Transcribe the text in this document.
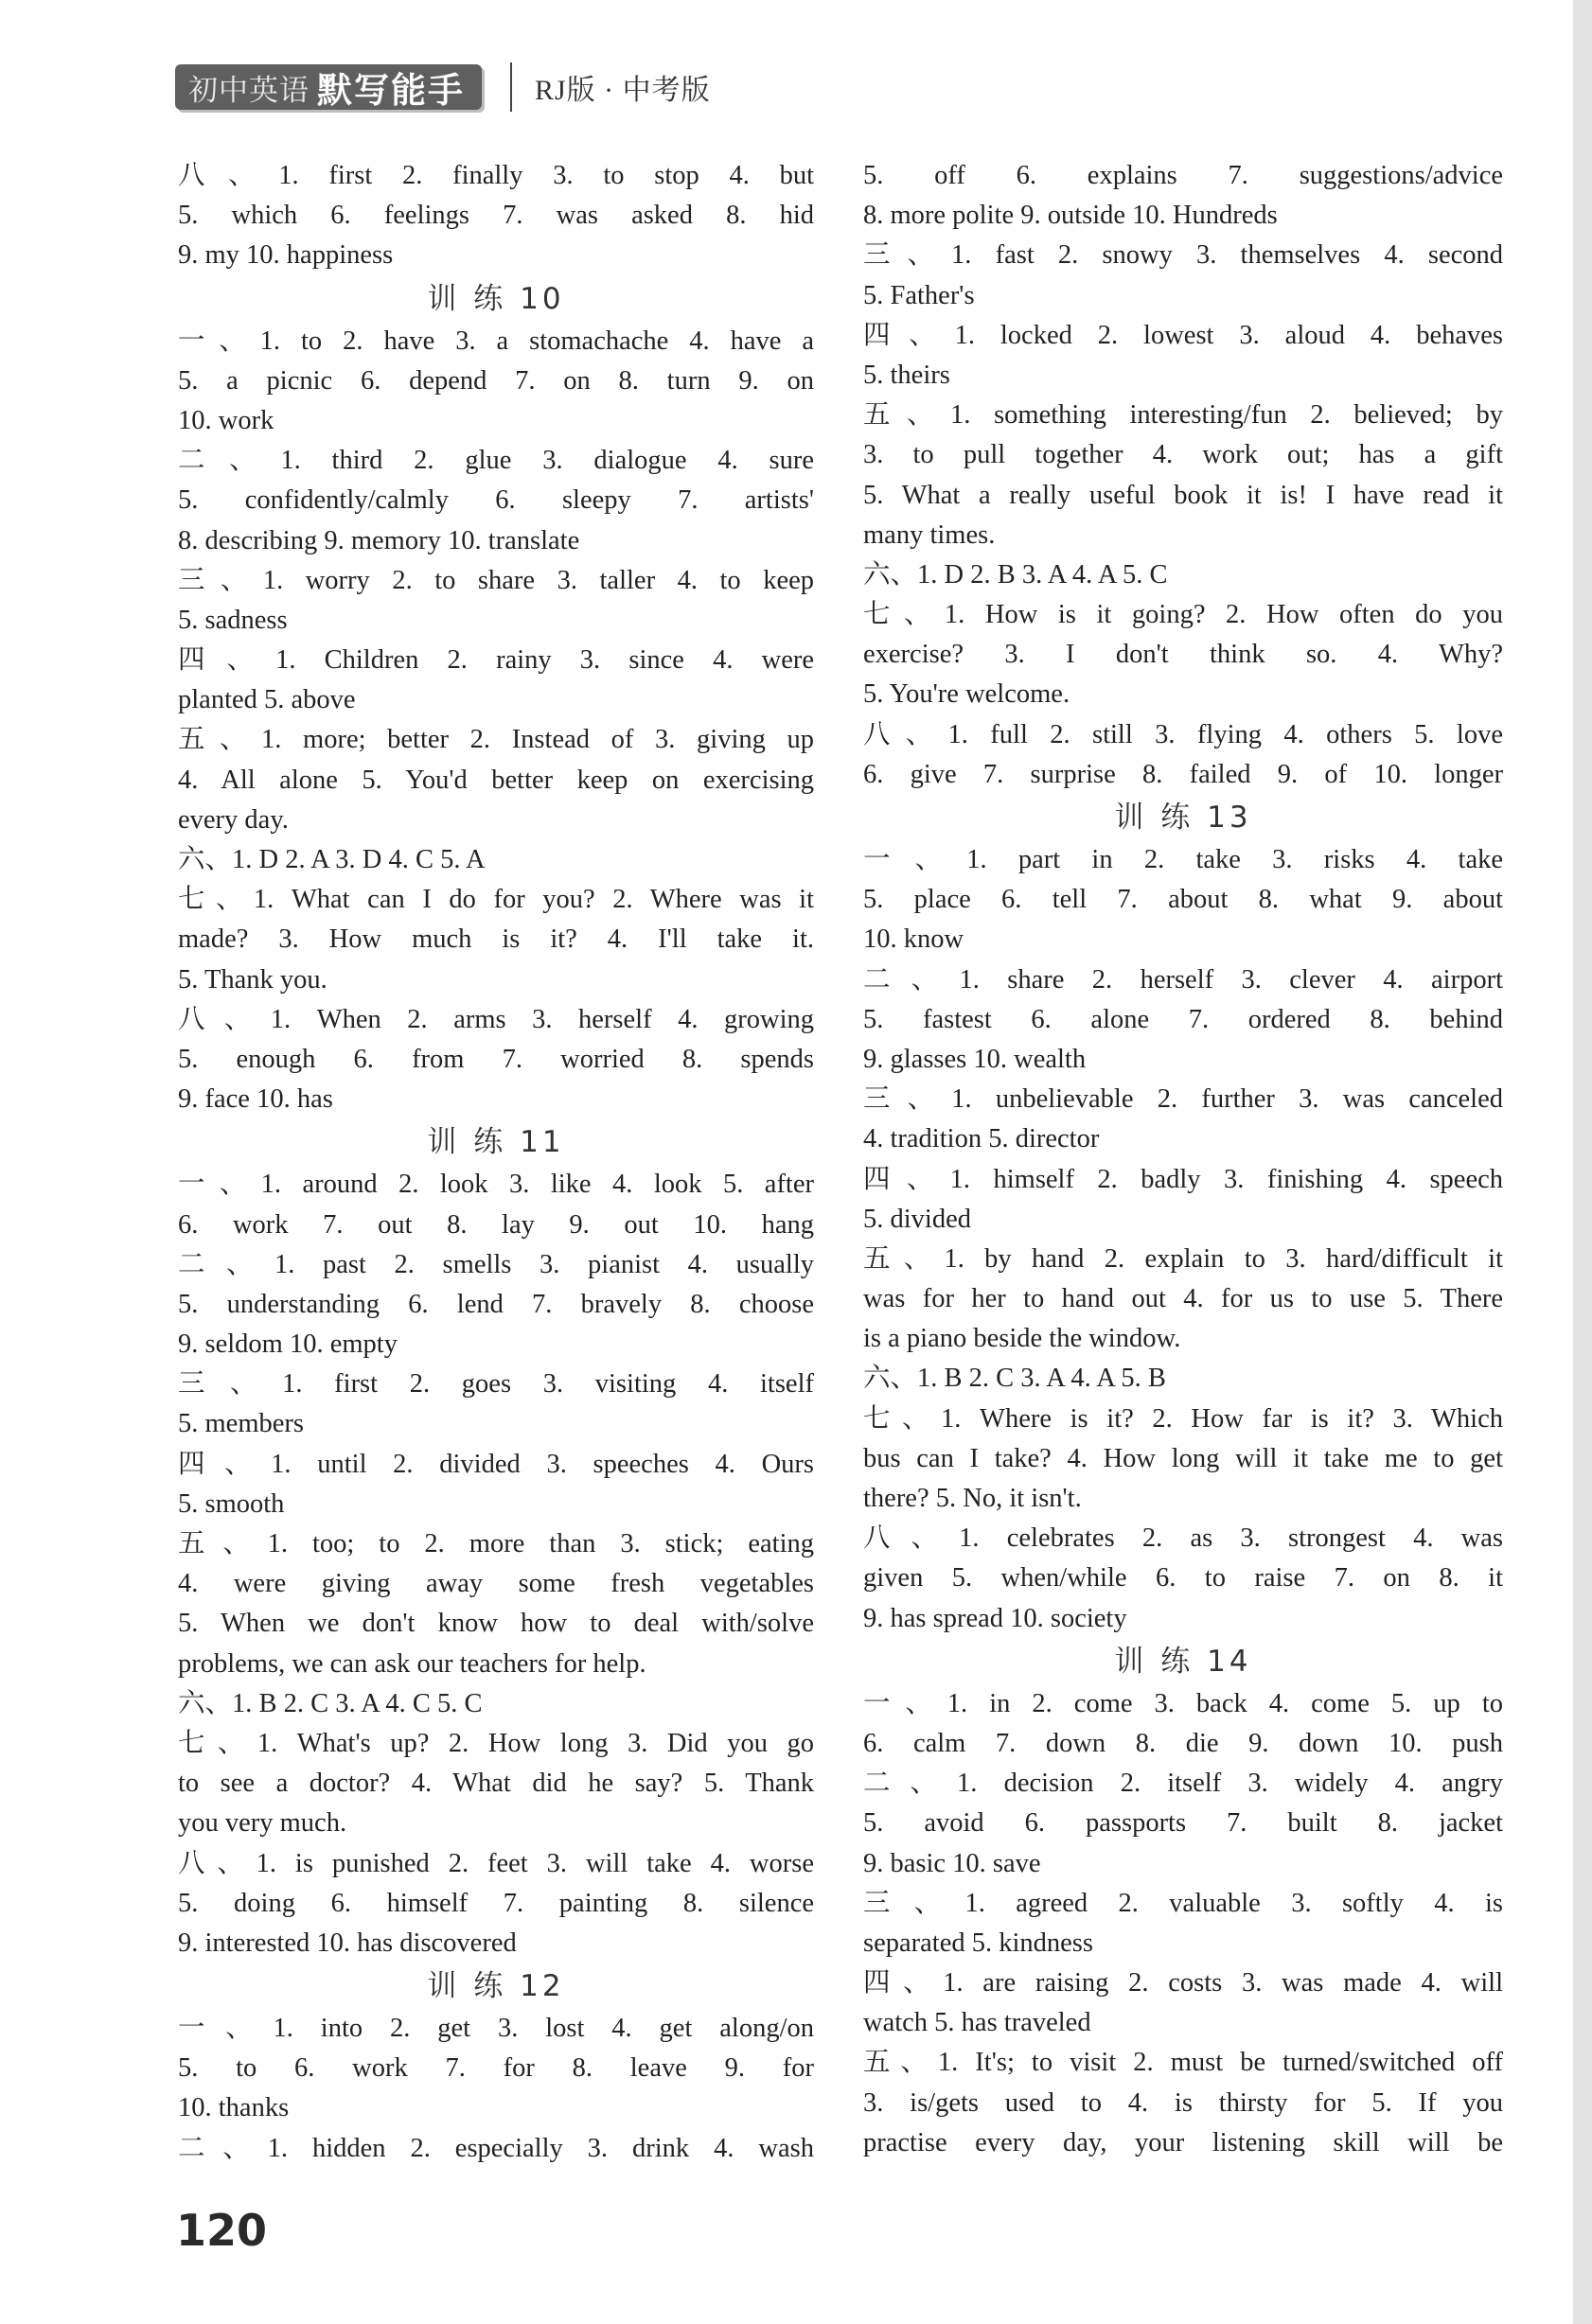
初中英语 默写能手 RJ版 · 中考版
八、1. first 2. finally 3. to stop 4. but
5. which 6. feelings 7. was asked 8. hid
9. my 10. happiness
训 练 10
一、1. to 2. have 3. a stomachache 4. have a
5. a picnic 6. depend 7. on 8. turn 9. on
10. work
二、1. third 2. glue 3. dialogue 4. sure
5. confidently/calmly 6. sleepy 7. artists'
8. describing 9. memory 10. translate
三、1. worry 2. to share 3. taller 4. to keep
5. sadness
四、1. Children 2. rainy 3. since 4. were
planted 5. above
五、1. more; better 2. Instead of 3. giving up
4. All alone 5. You'd better keep on exercising
every day.
六、1. D 2. A 3. D 4. C 5. A
七、1. What can I do for you? 2. Where was it
made? 3. How much is it? 4. I'll take it.
5. Thank you.
八、1. When 2. arms 3. herself 4. growing
5. enough 6. from 7. worried 8. spends
9. face 10. has
训 练 11
一、1. around 2. look 3. like 4. look 5. after
6. work 7. out 8. lay 9. out 10. hang
二、1. past 2. smells 3. pianist 4. usually
5. understanding 6. lend 7. bravely 8. choose
9. seldom 10. empty
三、1. first 2. goes 3. visiting 4. itself
5. members
四、1. until 2. divided 3. speeches 4. Ours
5. smooth
五、1. too; to 2. more than 3. stick; eating
4. were giving away some fresh vegetables
5. When we don't know how to deal with/solve
problems, we can ask our teachers for help.
六、1. B 2. C 3. A 4. C 5. C
七、1. What's up? 2. How long 3. Did you go
to see a doctor? 4. What did he say? 5. Thank
you very much.
八、1. is punished 2. feet 3. will take 4. worse
5. doing 6. himself 7. painting 8. silence
9. interested 10. has discovered
训 练 12
一、1. into 2. get 3. lost 4. get along/on
5. to 6. work 7. for 8. leave 9. for
10. thanks
二、1. hidden 2. especially 3. drink 4. wash
5. off 6. explains 7. suggestions/advice
8. more polite 9. outside 10. Hundreds
三、1. fast 2. snowy 3. themselves 4. second
5. Father's
四、1. locked 2. lowest 3. aloud 4. behaves
5. theirs
五、1. something interesting/fun 2. believed; by
3. to pull together 4. work out; has a gift
5. What a really useful book it is! I have read it
many times.
六、1. D 2. B 3. A 4. A 5. C
七、1. How is it going? 2. How often do you
exercise? 3. I don't think so. 4. Why?
5. You're welcome.
八、1. full 2. still 3. flying 4. others 5. love
6. give 7. surprise 8. failed 9. of 10. longer
训 练 13
一、1. part in 2. take 3. risks 4. take
5. place 6. tell 7. about 8. what 9. about
10. know
二、1. share 2. herself 3. clever 4. airport
5. fastest 6. alone 7. ordered 8. behind
9. glasses 10. wealth
三、1. unbelievable 2. further 3. was canceled
4. tradition 5. director
四、1. himself 2. badly 3. finishing 4. speech
5. divided
五、1. by hand 2. explain to 3. hard/difficult it
was for her to hand out 4. for us to use 5. There
is a piano beside the window.
六、1. B 2. C 3. A 4. A 5. B
七、1. Where is it? 2. How far is it? 3. Which
bus can I take? 4. How long will it take me to get
there? 5. No, it isn't.
八、1. celebrates 2. as 3. strongest 4. was
given 5. when/while 6. to raise 7. on 8. it
9. has spread 10. society
训 练 14
一、1. in 2. come 3. back 4. come 5. up to
6. calm 7. down 8. die 9. down 10. push
二、1. decision 2. itself 3. widely 4. angry
5. avoid 6. passports 7. built 8. jacket
9. basic 10. save
三、1. agreed 2. valuable 3. softly 4. is
separated 5. kindness
四、1. are raising 2. costs 3. was made 4. will
watch 5. has traveled
五、1. It's; to visit 2. must be turned/switched off
3. is/gets used to 4. is thirsty for 5. If you
practise every day, your listening skill will be
120
